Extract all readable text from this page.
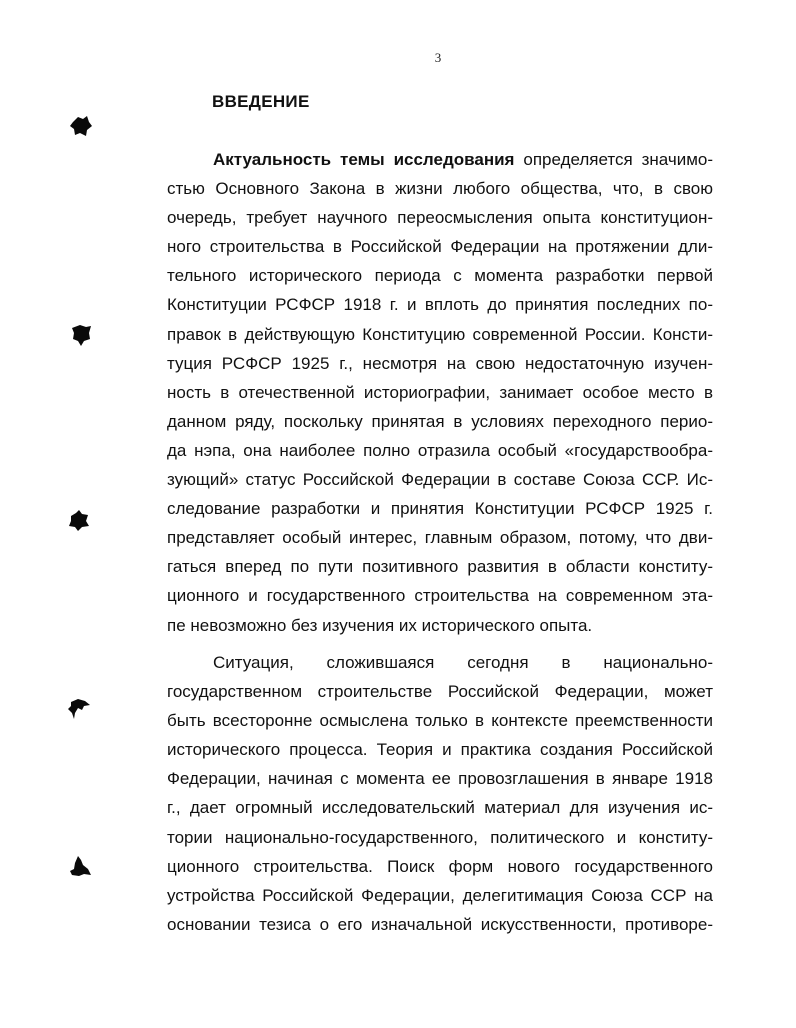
3
ВВЕДЕНИЕ
Актуальность темы исследования определяется значимо-
стью Основного Закона в жизни любого общества, что, в свою
очередь, требует научного переосмысления опыта конституцион-
ного строительства в Российской Федерации на протяжении дли-
тельного исторического периода с момента разработки первой
Конституции РСФСР 1918 г. и вплоть до принятия последних по-
правок в действующую Конституцию современной России. Консти-
туция РСФСР 1925 г., несмотря на свою недостаточную изучен-
ность в отечественной историографии, занимает особое место в
данном ряду, поскольку принятая в условиях переходного перио-
да нэпа, она наиболее полно отразила особый «государствообра-
зующий» статус Российской Федерации в составе Союза ССР. Ис-
следование разработки и принятия Конституции РСФСР 1925 г.
представляет особый интерес, главным образом, потому, что дви-
гаться вперед по пути позитивного развития в области конститу-
ционного и государственного строительства на современном эта-
пе невозможно без изучения их исторического опыта.
Ситуация, сложившаяся сегодня в национально-
государственном строительстве Российской Федерации, может
быть всесторонне осмыслена только в контексте преемственности
исторического процесса. Теория и практика создания Российской
Федерации, начиная с момента ее провозглашения в январе 1918
г., дает огромный исследовательский материал для изучения ис-
тории национально-государственного, политического и конститу-
ционного строительства. Поиск форм нового государственного
устройства Российской Федерации, делегитимация Союза ССР на
основании тезиса о его изначальной искусственности, противоре-
